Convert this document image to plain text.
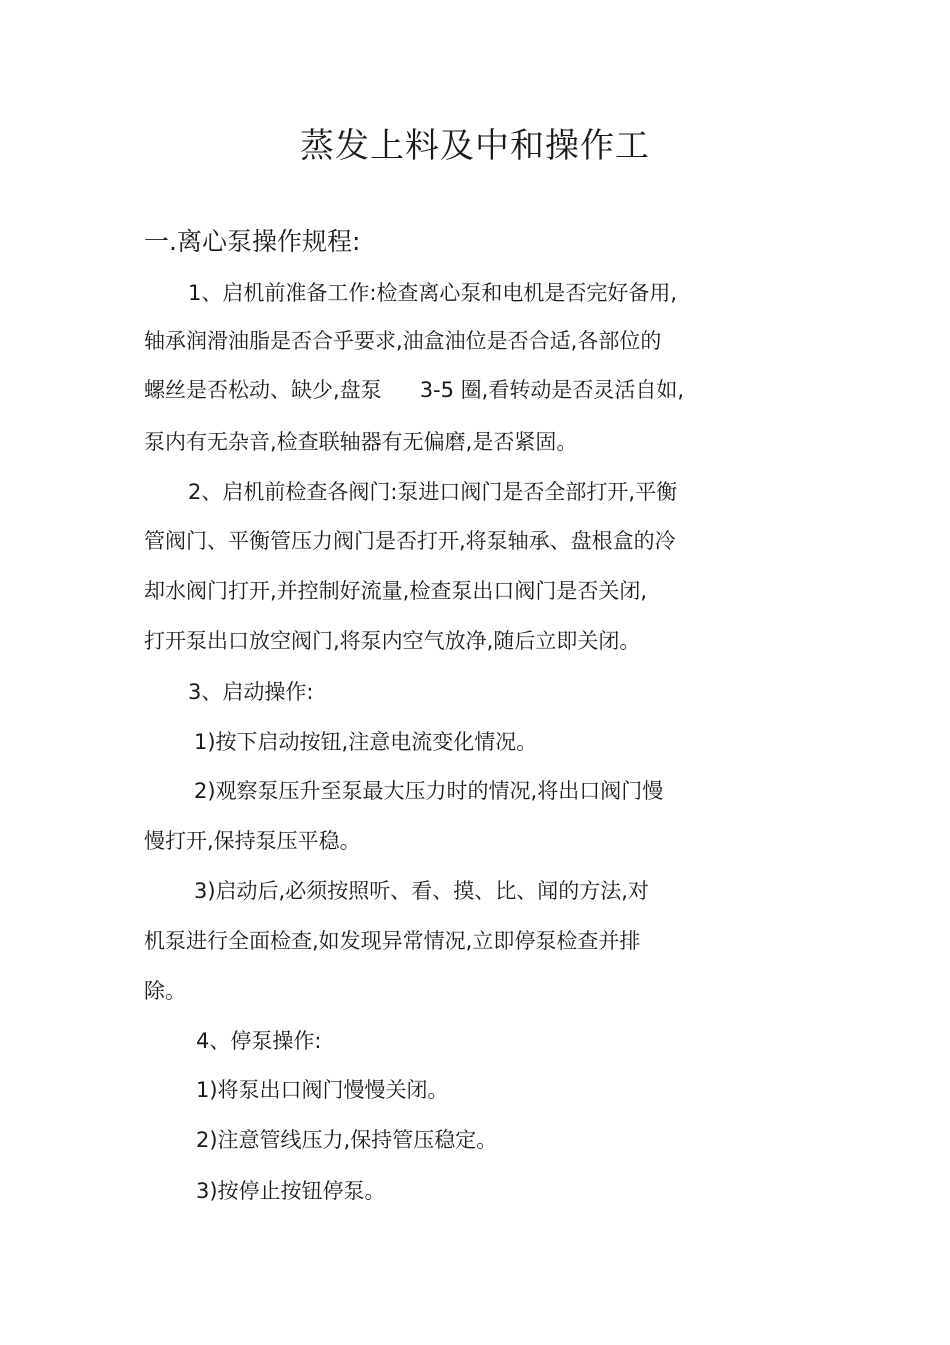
蒸发上料及中和操作工
一.离心泵操作规程:
1、启机前准备工作:检查离心泵和电机是否完好备用,
轴承润滑油脂是否合乎要求,油盒油位是否合适,各部位的
螺丝是否松动、缺少,盘泵 3-5 圈,看转动是否灵活自如,
泵内有无杂音,检查联轴器有无偏磨,是否紧固。
2、启机前检查各阀门:泵进口阀门是否全部打开,平衡
管阀门、平衡管压力阀门是否打开,将泵轴承、盘根盒的冷
却水阀门打开,并控制好流量,检查泵出口阀门是否关闭,
打开泵出口放空阀门,将泵内空气放净,随后立即关闭。
3、启动操作:
1)按下启动按钮,注意电流变化情况。
2)观察泵压升至泵最大压力时的情况,将出口阀门慢
慢打开,保持泵压平稳。
3)启动后,必须按照听、看、摸、比、闻的方法,对
机泵进行全面检查,如发现异常情况,立即停泵检查并排
除。
4、停泵操作:
1)将泵出口阀门慢慢关闭。
2)注意管线压力,保持管压稳定。
3)按停止按钮停泵。
